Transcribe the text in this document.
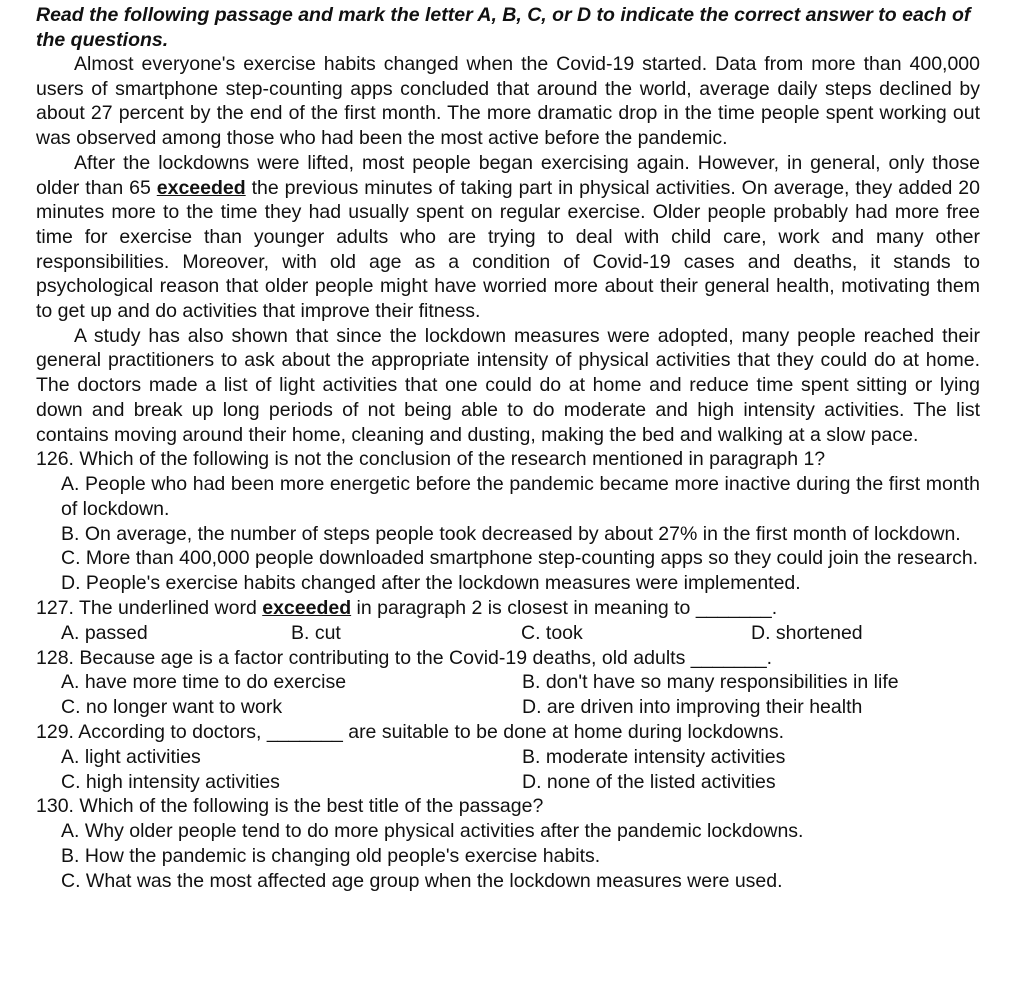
Read the following passage and mark the letter A, B, C, or D to indicate the correct answer to each of the questions.

Almost everyone's exercise habits changed when the Covid-19 started. Data from more than 400,000 users of smartphone step-counting apps concluded that around the world, average daily steps declined by about 27 percent by the end of the first month. The more dramatic drop in the time people spent working out was observed among those who had been the most active before the pandemic.

After the lockdowns were lifted, most people began exercising again. However, in general, only those older than 65 exceeded the previous minutes of taking part in physical activities. On average, they added 20 minutes more to the time they had usually spent on regular exercise. Older people probably had more free time for exercise than younger adults who are trying to deal with child care, work and many other responsibilities. Moreover, with old age as a condition of Covid-19 cases and deaths, it stands to psychological reason that older people might have worried more about their general health, motivating them to get up and do activities that improve their fitness.

A study has also shown that since the lockdown measures were adopted, many people reached their general practitioners to ask about the appropriate intensity of physical activities that they could do at home. The doctors made a list of light activities that one could do at home and reduce time spent sitting or lying down and break up long periods of not being able to do moderate and high intensity activities. The list contains moving around their home, cleaning and dusting, making the bed and walking at a slow pace.

126. Which of the following is not the conclusion of the research mentioned in paragraph 1?

A. People who had been more energetic before the pandemic became more inactive during the first month of lockdown.

B. On average, the number of steps people took decreased by about 27% in the first month of lockdown.

C. More than 400,000 people downloaded smartphone step-counting apps so they could join the research.

D. People's exercise habits changed after the lockdown measures were implemented.

127. The underlined word exceeded in paragraph 2 is closest in meaning to _______.

A. passed	B. cut	C. took	D. shortened

128. Because age is a factor contributing to the Covid-19 deaths, old adults _______.

A. have more time to do exercise	B. don't have so many responsibilities in life
C. no longer want to work	D. are driven into improving their health

129. According to doctors, _______ are suitable to be done at home during lockdowns.

A. light activities	B. moderate intensity activities
C. high intensity activities	D. none of the listed activities

130. Which of the following is the best title of the passage?

A. Why older people tend to do more physical activities after the pandemic lockdowns.

B. How the pandemic is changing old people's exercise habits.

C. What was the most affected age group when the lockdown measures were used.
